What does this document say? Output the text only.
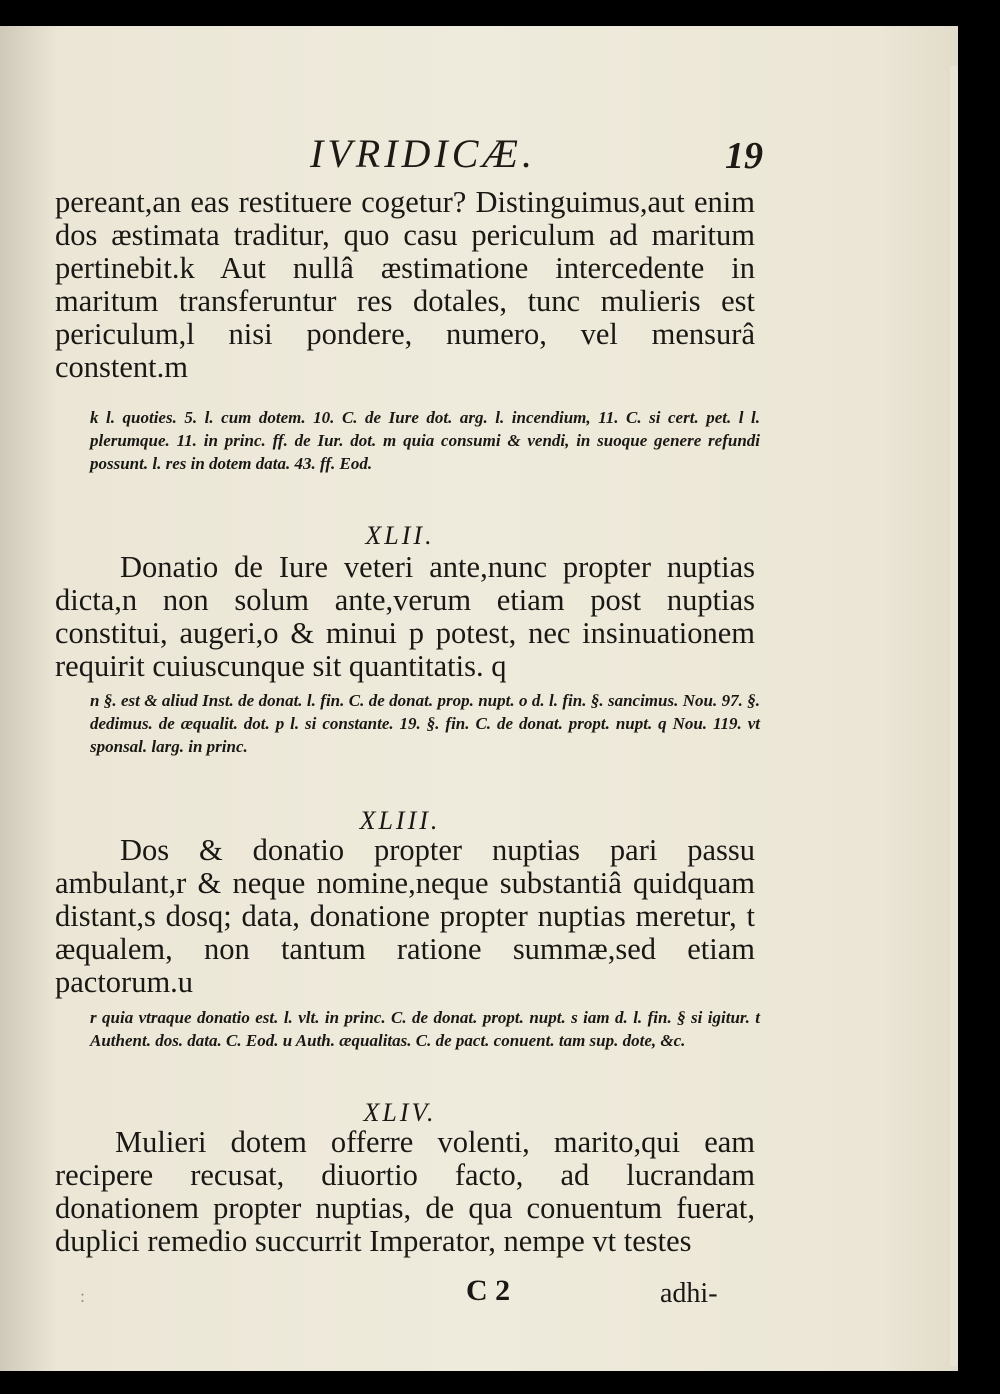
IVRIDICÆ.	19
pereant,an eas restituere cogetur? Distinguimus,aut enim dos æstimata traditur, quo casu periculum ad maritum pertinebit.k Aut nullâ æstimatione intercedente in maritum transferuntur res dotales, tunc mulieris est periculum,l nisi pondere, numero, vel mensurâ constent.m
k l. quoties. 5. l. cum dotem. 10. C. de Iure dot. arg. l. incendium, 11. C. si cert. pet. l l. plerumque. 11. in princ. ff. de Iur. dot. m quia consumi & vendi, in suoque genere refundi possunt. l. res in dotem data. 43. ff. Eod.
XLII.
Donatio de Iure veteri ante,nunc propter nuptias dicta,n non solum ante,verum etiam post nuptias constitui, augeri,o & minui p potest, nec insinuationem requirit cuiuscunque sit quantitatis. q
n §. est & aliud Inst. de donat. l. fin. C. de donat. prop. nupt. o d. l. fin. §. sancimus. Nou. 97. §. dedimus. de æqualit. dot. p l. si constante. 19. §. fin. C. de donat. propt. nupt. q Nou. 119. vt sponsal. larg. in princ.
XLIII.
Dos & donatio propter nuptias pari passu ambulant,r & neque nomine,neque substantiâ quidquam distant,s dosq; data, donatione propter nuptias meretur, t æqualem, non tantum ratione summæ,sed etiam pactorum.u
r quia vtraque donatio est. l. vlt. in princ. C. de donat. propt. nupt. s iam d. l. fin. § si igitur. t Authent. dos. data. C. Eod. u Auth. æqualitas. C. de pact. conuent. tam sup. dote, &c.
XLIV.
Mulieri dotem offerre volenti, marito,qui eam recipere recusat, diuortio facto, ad lucrandam donationem propter nuptias, de qua conuentum fuerat, duplici remedio succurrit Imperator, nempe vt testes
:	C 2	adhi-
